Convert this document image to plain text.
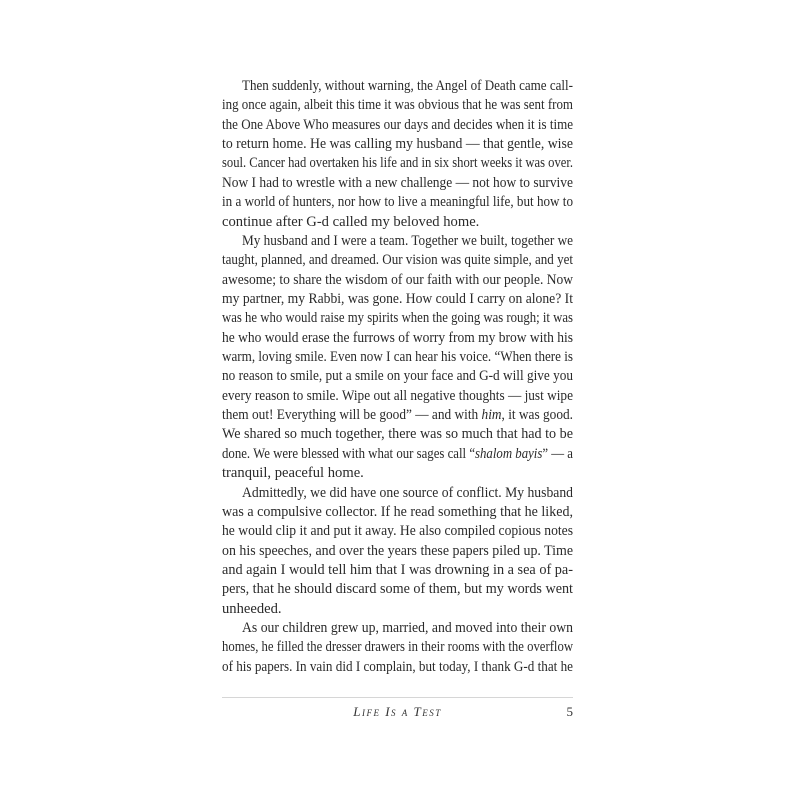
Then suddenly, without warning, the Angel of Death came call-
ing once again, albeit this time it was obvious that he was sent from
the One Above Who measures our days and decides when it is time
to return home. He was calling my husband — that gentle, wise
soul. Cancer had overtaken his life and in six short weeks it was over.
Now I had to wrestle with a new challenge — not how to survive
in a world of hunters, nor how to live a meaningful life, but how to
continue after G-d called my beloved home.
My husband and I were a team. Together we built, together we
taught, planned, and dreamed. Our vision was quite simple, and yet
awesome; to share the wisdom of our faith with our people. Now
my partner, my Rabbi, was gone. How could I carry on alone? It
was he who would raise my spirits when the going was rough; it was
he who would erase the furrows of worry from my brow with his
warm, loving smile. Even now I can hear his voice. “When there is
no reason to smile, put a smile on your face and G-d will give you
every reason to smile. Wipe out all negative thoughts — just wipe
them out! Everything will be good” — and with him, it was good.
We shared so much together, there was so much that had to be
done. We were blessed with what our sages call “shalom bayis” — a
tranquil, peaceful home.
Admittedly, we did have one source of conflict. My husband
was a compulsive collector. If he read something that he liked,
he would clip it and put it away. He also compiled copious notes
on his speeches, and over the years these papers piled up. Time
and again I would tell him that I was drowning in a sea of pa-
pers, that he should discard some of them, but my words went
unheeded.
As our children grew up, married, and moved into their own
homes, he filled the dresser drawers in their rooms with the overflow
of his papers. In vain did I complain, but today, I thank G-d that he
Life Is a Test	5
